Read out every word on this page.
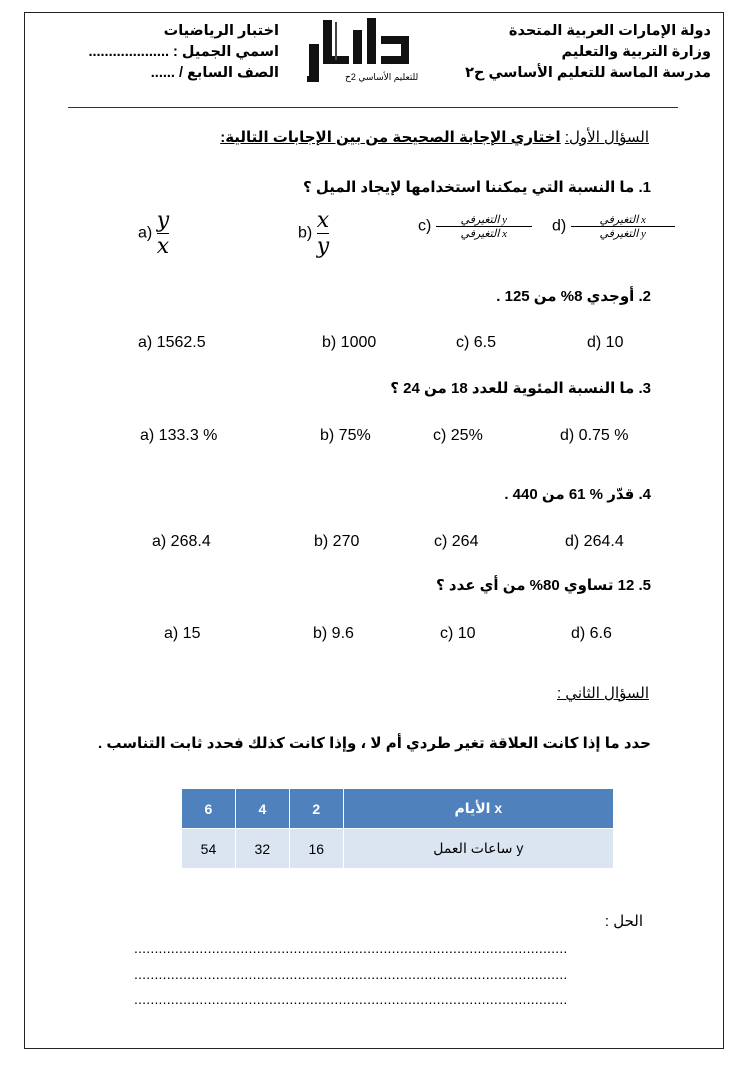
دولة الإمارات العربية المتحدة
وزارة التربية والتعليم
مدرسة الماسة للتعليم الأساسي ح٢
للتعليم الأساسي 2ح
اختبار الرياضيات
اسمي الجميل : ....................
الصف السابع / ......
السؤال الأول: اختاري الإجابة الصحيحة من بين الإجابات التالية:
1. ما النسبة التي يمكننا استخدامها لإيجاد الميل ؟
$a) \frac{y}{x}$	$b) \frac{x}{y}$	$c) \frac{\text{التغيرفي y}}{\text{التغيرفي x}} d) \frac{\text{التغيرفي x}}{\text{التغيرفي y}}$
2. أوجدي 8% من 125 .
a) 1562.5	b) 1000	c) 6.5	d) 10
3. ما النسبة المئوية للعدد 18 من 24 ؟
a) 133.3 %	b) 75%	c) 25%	d) 0.75 %
4. قدّر % 61 من 440 .
a) 268.4	b) 270	c) 264	d) 264.4
5. 12 تساوي 80% من أي عدد ؟
a) 15	b) 9.6	c) 10	d) 6.6
السؤال الثاني :
حدد ما إذا كانت العلاقة تغير طردي أم لا ، وإذا كانت كذلك فحدد ثابت التناسب .
6	4	2	الأيام x
54	32	16	ساعات العمل y
الحل :
..........................................................................................................
..........................................................................................................
..........................................................................................................
